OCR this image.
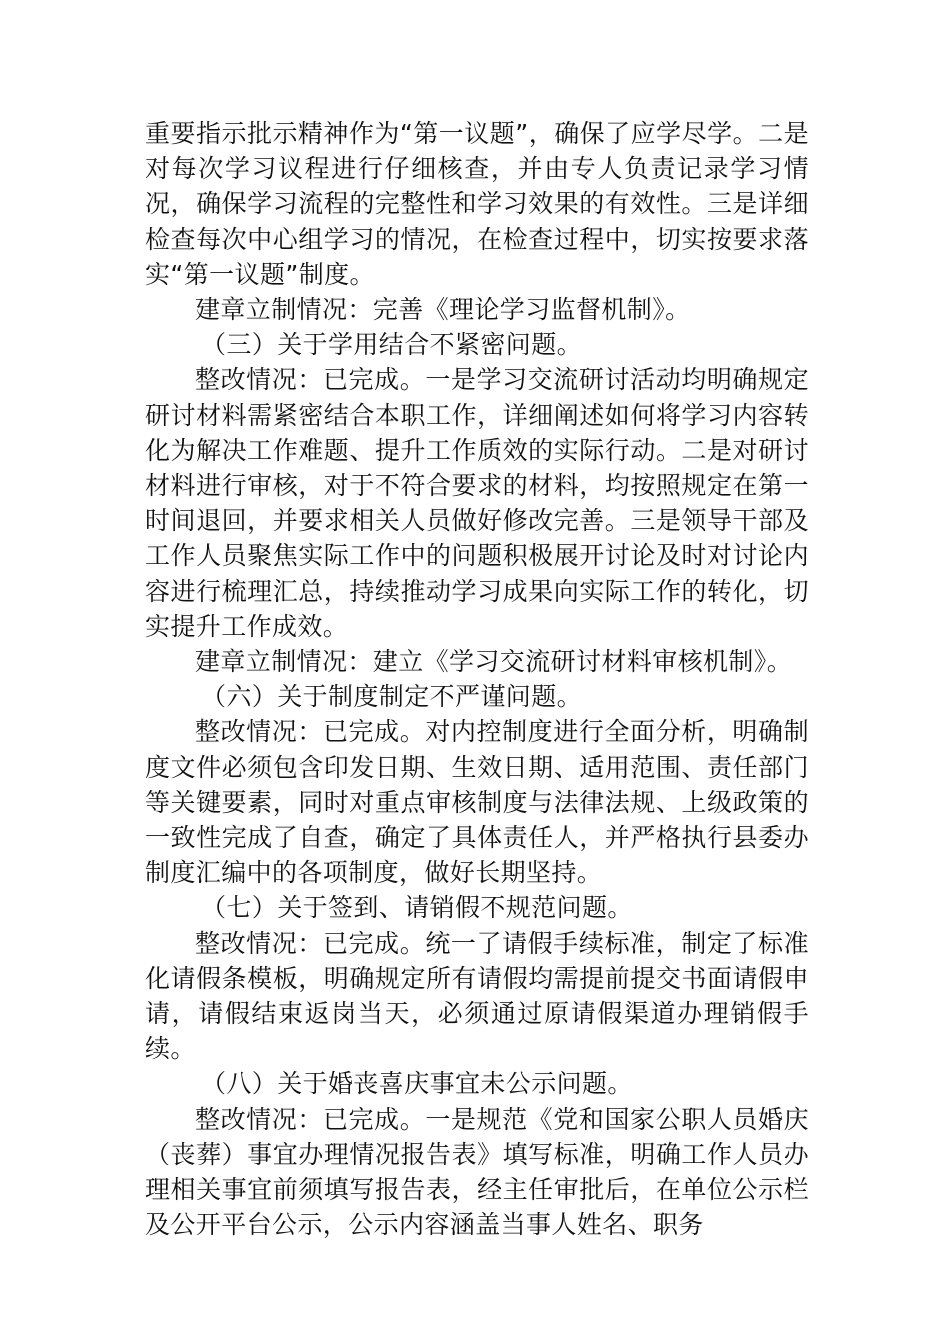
重要指示批示精神作为“第一议题”，确保了应学尽学。二是对每次学习议程进行仔细核查，并由专人负责记录学习情况，确保学习流程的完整性和学习效果的有效性。三是详细检查每次中心组学习的情况，在检查过程中，切实按要求落实“第一议题”制度。

建章立制情况：完善《理论学习监督机制》。

（三）关于学用结合不紧密问题。

整改情况：已完成。一是学习交流研讨活动均明确规定研讨材料需紧密结合本职工作，详细阐述如何将学习内容转化为解决工作难题、提升工作质效的实际行动。二是对研讨材料进行审核，对于不符合要求的材料，均按照规定在第一时间退回，并要求相关人员做好修改完善。三是领导干部及工作人员聚焦实际工作中的问题积极展开讨论及时对讨论内容进行梳理汇总，持续推动学习成果向实际工作的转化，切实提升工作成效。

建章立制情况：建立《学习交流研讨材料审核机制》。

（六）关于制度制定不严谨问题。

整改情况：已完成。对内控制度进行全面分析，明确制度文件必须包含印发日期、生效日期、适用范围、责任部门等关键要素，同时对重点审核制度与法律法规、上级政策的一致性完成了自查，确定了具体责任人，并严格执行县委办制度汇编中的各项制度，做好长期坚持。

（七）关于签到、请销假不规范问题。

整改情况：已完成。统一了请假手续标准，制定了标准化请假条模板，明确规定所有请假均需提前提交书面请假申请，请假结束返岗当天，必须通过原请假渠道办理销假手续。

（八）关于婚丧喜庆事宜未公示问题。

整改情况：已完成。一是规范《党和国家公职人员婚庆（丧葬）事宜办理情况报告表》填写标准，明确工作人员办理相关事宜前须填写报告表，经主任审批后，在单位公示栏及公开平台公示，公示内容涵盖当事人姓名、职务
